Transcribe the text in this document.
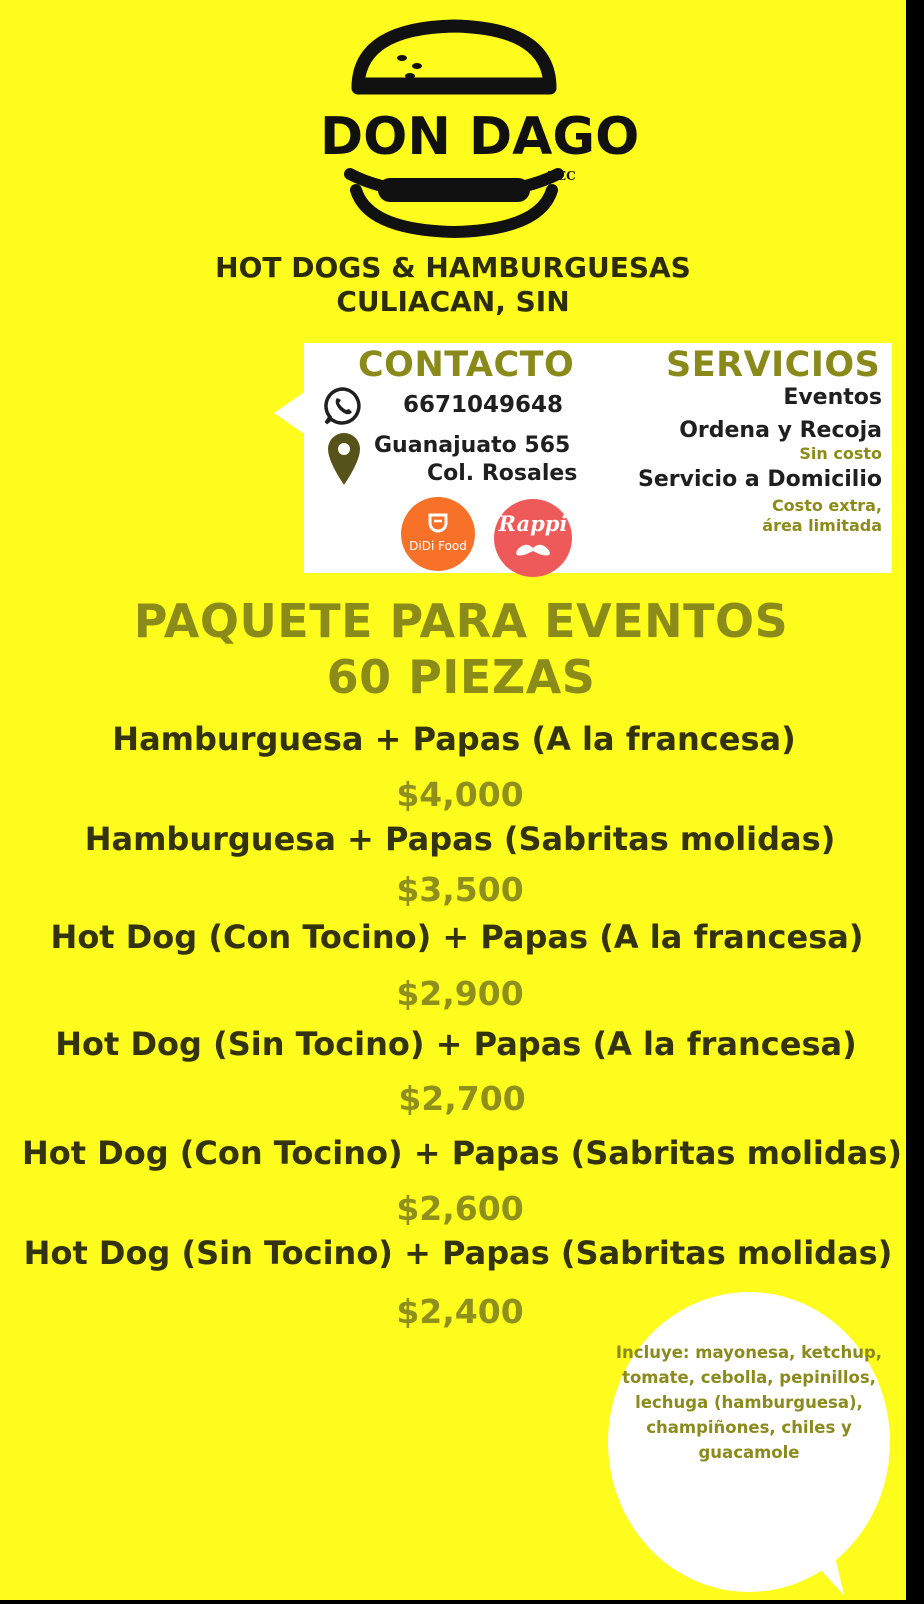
DON DAGO
TEC
HOT DOGS & HAMBURGUESAS
CULIACAN, SIN
CONTACTO
6671049648
Guanajuato 565
Col. Rosales
DiDi Food
Rappi
SERVICIOS
Eventos
Ordena y Recoja
Sin costo
Servicio a Domicilio
Costo extra,
área limitada
PAQUETE PARA EVENTOS
60 PIEZAS
Hamburguesa + Papas (A la francesa)
$4,000
Hamburguesa + Papas (Sabritas molidas)
$3,500
Hot Dog (Con Tocino) + Papas (A la francesa)
$2,900
Hot Dog (Sin Tocino) + Papas (A la francesa)
$2,700
Hot Dog (Con Tocino) + Papas (Sabritas molidas)
$2,600
Hot Dog (Sin Tocino) + Papas (Sabritas molidas)
$2,400
Incluye: mayonesa, ketchup, tomate, cebolla, pepinillos, lechuga (hamburguesa), champiñones, chiles y guacamole
